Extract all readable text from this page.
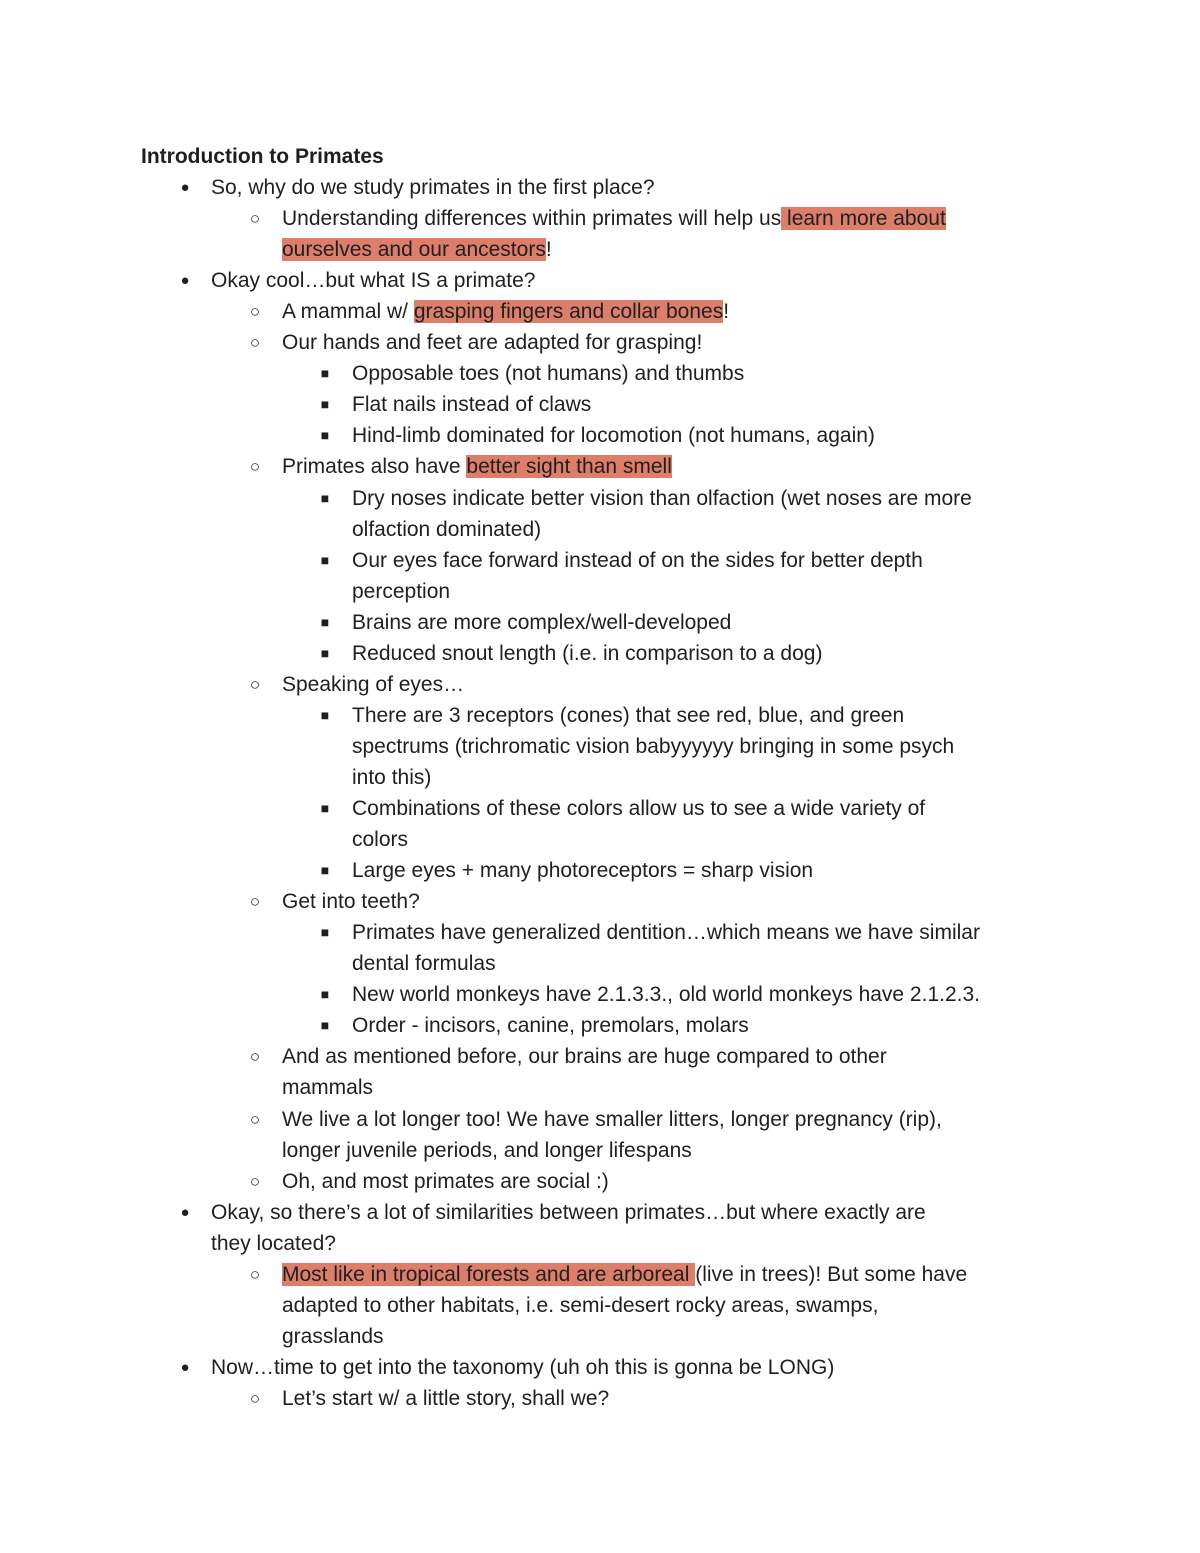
Introduction to Primates
● So, why do we study primates in the first place?
○ Understanding differences within primates will help us learn more about
ourselves and our ancestors!
● Okay cool…but what IS a primate?
○ A mammal w/ grasping fingers and collar bones!
○ Our hands and feet are adapted for grasping!
■ Opposable toes (not humans) and thumbs
■ Flat nails instead of claws
■ Hind-limb dominated for locomotion (not humans, again)
○ Primates also have better sight than smell
■ Dry noses indicate better vision than olfaction (wet noses are more
olfaction dominated)
■ Our eyes face forward instead of on the sides for better depth
perception
■ Brains are more complex/well-developed
■ Reduced snout length (i.e. in comparison to a dog)
○ Speaking of eyes…
■ There are 3 receptors (cones) that see red, blue, and green
spectrums (trichromatic vision babyyyyyy bringing in some psych
into this)
■ Combinations of these colors allow us to see a wide variety of
colors
■ Large eyes + many photoreceptors = sharp vision
○ Get into teeth?
■ Primates have generalized dentition…which means we have similar
dental formulas
■ New world monkeys have 2.1.3.3., old world monkeys have 2.1.2.3.
■ Order - incisors, canine, premolars, molars
○ And as mentioned before, our brains are huge compared to other
mammals
○ We live a lot longer too! We have smaller litters, longer pregnancy (rip),
longer juvenile periods, and longer lifespans
○ Oh, and most primates are social :)
● Okay, so there’s a lot of similarities between primates…but where exactly are
they located?
○ Most like in tropical forests and are arboreal (live in trees)! But some have
adapted to other habitats, i.e. semi-desert rocky areas, swamps,
grasslands
● Now…time to get into the taxonomy (uh oh this is gonna be LONG)
○ Let’s start w/ a little story, shall we?
